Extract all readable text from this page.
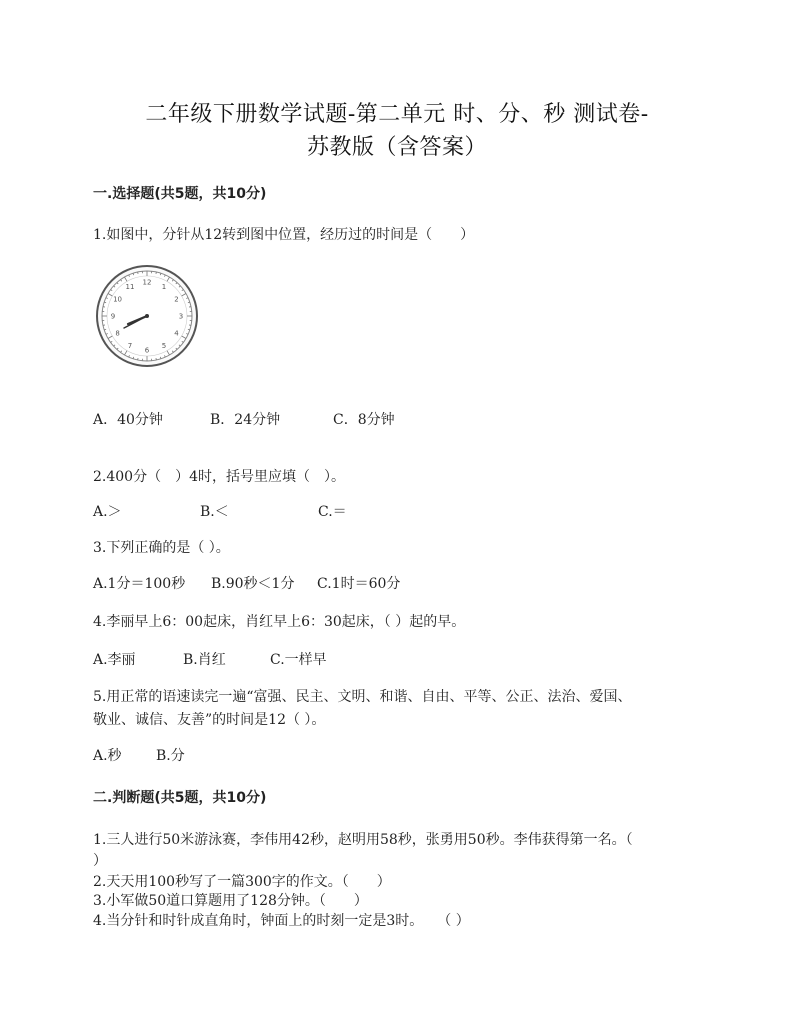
二年级下册数学试题-第二单元 时、分、秒 测试卷-
苏教版（含答案）
一.选择题(共5题，共10分)
1.如图中，分针从12转到图中位置，经历过的时间是（　　）
12
1
2
3
4
5
6
7
8
9
10
11
A．40分钟	B．24分钟	C．8分钟
2.400分（　）4时，括号里应填（　）。
A.＞	B.＜	C.＝
3.下列正确的是（ ）。
A.1分＝100秒 B.90秒＜1分 C.1时＝60分
4.李丽早上6：00起床，肖红早上6：30起床，（ ）起的早。
A.李丽	B.肖红	C.一样早
5.用正常的语速读完一遍“富强、民主、文明、和谐、自由、平等、公正、法治、爱国、
敬业、诚信、友善”的时间是12（ ）。
A.秒 B.分
二.判断题(共5题，共10分)
1.三人进行50米游泳赛，李伟用42秒，赵明用58秒，张勇用50秒。李伟获得第一名。（
）
2.天天用100秒写了一篇300字的作文。（　　）
3.小军做50道口算题用了128分钟。（　　）
4.当分针和时针成直角时，钟面上的时刻一定是3时。　　（ ）
